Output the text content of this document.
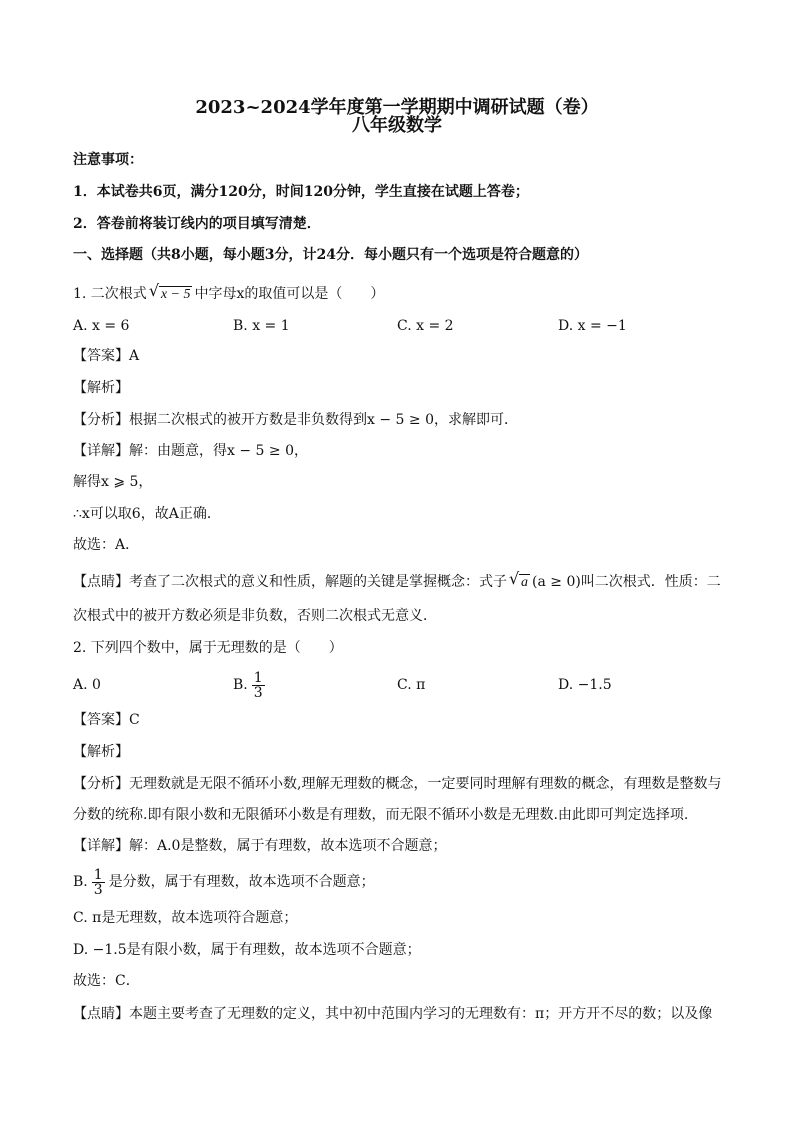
2023~2024学年度第一学期期中调研试题（卷）
八年级数学
注意事项：
1．本试卷共6页，满分120分，时间120分钟，学生直接在试题上答卷；
2．答卷前将装订线内的项目填写清楚．
一、选择题（共8小题，每小题3分，计24分．每小题只有一个选项是符合题意的）
1. 二次根式 √ x − 5 中字母x的取值可以是（　　）
A. x = 6	B. x = 1	C. x = 2	D. x = −1
【答案】A
【解析】
【分析】根据二次根式的被开方数是非负数得到x − 5 ≥ 0，求解即可．
【详解】解：由题意，得x − 5 ≥ 0，
解得x ⩾ 5，
∴x可以取6，故A正确．
故选：A．
【点睛】考查了二次根式的意义和性质，解题的关键是掌握概念：式子 √ a (a ≥ 0)叫二次根式．性质：二
次根式中的被开方数必须是非负数，否则二次根式无意义．
2. 下列四个数中，属于无理数的是（　　）
A. 0	B. $\frac{1}{3}$	C. π	D. −1.5
【答案】C
【解析】
【分析】无理数就是无限不循环小数,理解无理数的概念，一定要同时理解有理数的概念，有理数是整数与
分数的统称.即有限小数和无限循环小数是有理数，而无限不循环小数是无理数.由此即可判定选择项.
【详解】解：A.0是整数，属于有理数，故本选项不合题意；
B. $\frac{1}{3}$ 是分数，属于有理数，故本选项不合题意；
C. π是无理数，故本选项符合题意；
D. −1.5是有限小数，属于有理数，故本选项不合题意；
故选：C．
【点睛】本题主要考查了无理数的定义，其中初中范围内学习的无理数有：π；开方开不尽的数；以及像
